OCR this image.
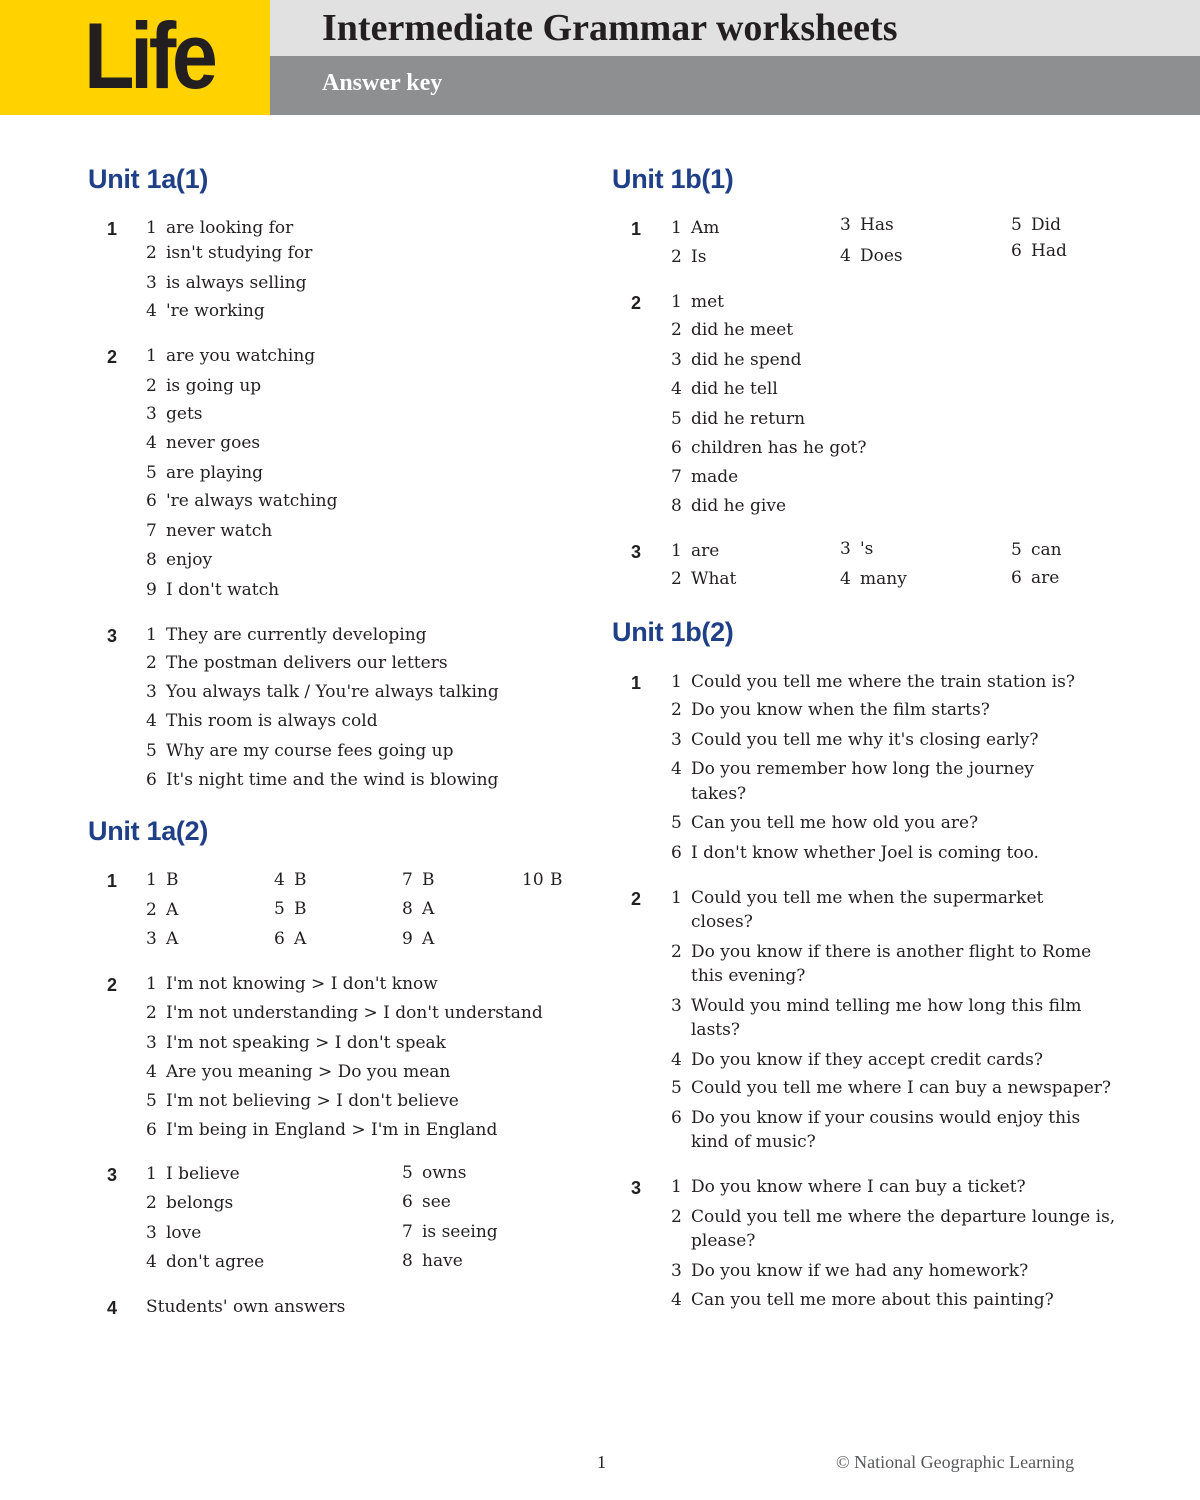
Life	Intermediate Grammar worksheets
Answer key
Unit 1a(1)
1 1 are looking for
2 isn't studying for
3 is always selling
4 're working
2 1 are you watching
2 is going up
3 gets
4 never goes
5 are playing
6 're always watching
7 never watch
8 enjoy
9 I don't watch
3 1 They are currently developing
2 The postman delivers our letters
3 You always talk / You're always talking
4 This room is always cold
5 Why are my course fees going up
6 It's night time and the wind is blowing
Unit 1a(2)
1 1 B
2 A
3 A
4 B
5 B
6 A
7 B
8 A
9 A
10 B
2 1 I'm not knowing > I don't know
2 I'm not understanding > I don't understand
3 I'm not speaking > I don't speak
4 Are you meaning > Do you mean
5 I'm not believing > I don't believe
6 I'm being in England > I'm in England
3 1 I believe
2 belongs
3 love
4 don't agree
5 owns
6 see
7 is seeing
8 have
4 Students' own answers
Unit 1b(1)
1 1 Am
2 Is
3 Has
4 Does
5 Did
6 Had
2 1 met
2 did he meet
3 did he spend
4 did he tell
5 did he return
6 children has he got?
7 made
8 did he give
3 1 are
2 What
3 's
4 many
5 can
6 are
Unit 1b(2)
1 1 Could you tell me where the train station is?
2 Do you know when the film starts?
3 Could you tell me why it's closing early?
4 Do you remember how long the journey
takes?
5 Can you tell me how old you are?
6 I don't know whether Joel is coming too.
2 1 Could you tell me when the supermarket
closes?
2 Do you know if there is another flight to Rome
this evening?
3 Would you mind telling me how long this film
lasts?
4 Do you know if they accept credit cards?
5 Could you tell me where I can buy a newspaper?
6 Do you know if your cousins would enjoy this
kind of music?
3 1 Do you know where I can buy a ticket?
2 Could you tell me where the departure lounge is,
please?
3 Do you know if we had any homework?
4 Can you tell me more about this painting?
1	© National Geographic Learning
